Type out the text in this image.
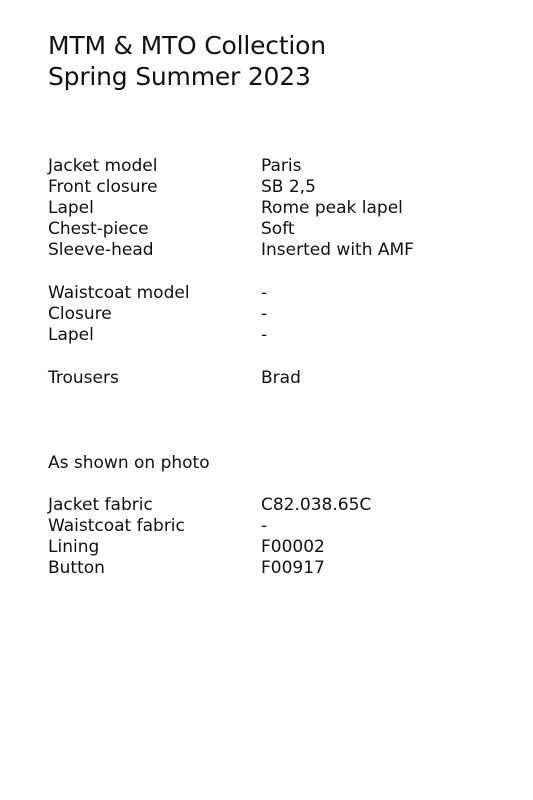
MTM & MTO Collection
Spring Summer 2023
Jacket model	Paris
Front closure	SB 2,5
Lapel	Rome peak lapel
Chest-piece	Soft
Sleeve-head	Inserted with AMF
Waistcoat model	-
Closure	-
Lapel	-
Trousers	Brad
As shown on photo
Jacket fabric	C82.038.65C
Waistcoat fabric	-
Lining	F00002
Button	F00917
